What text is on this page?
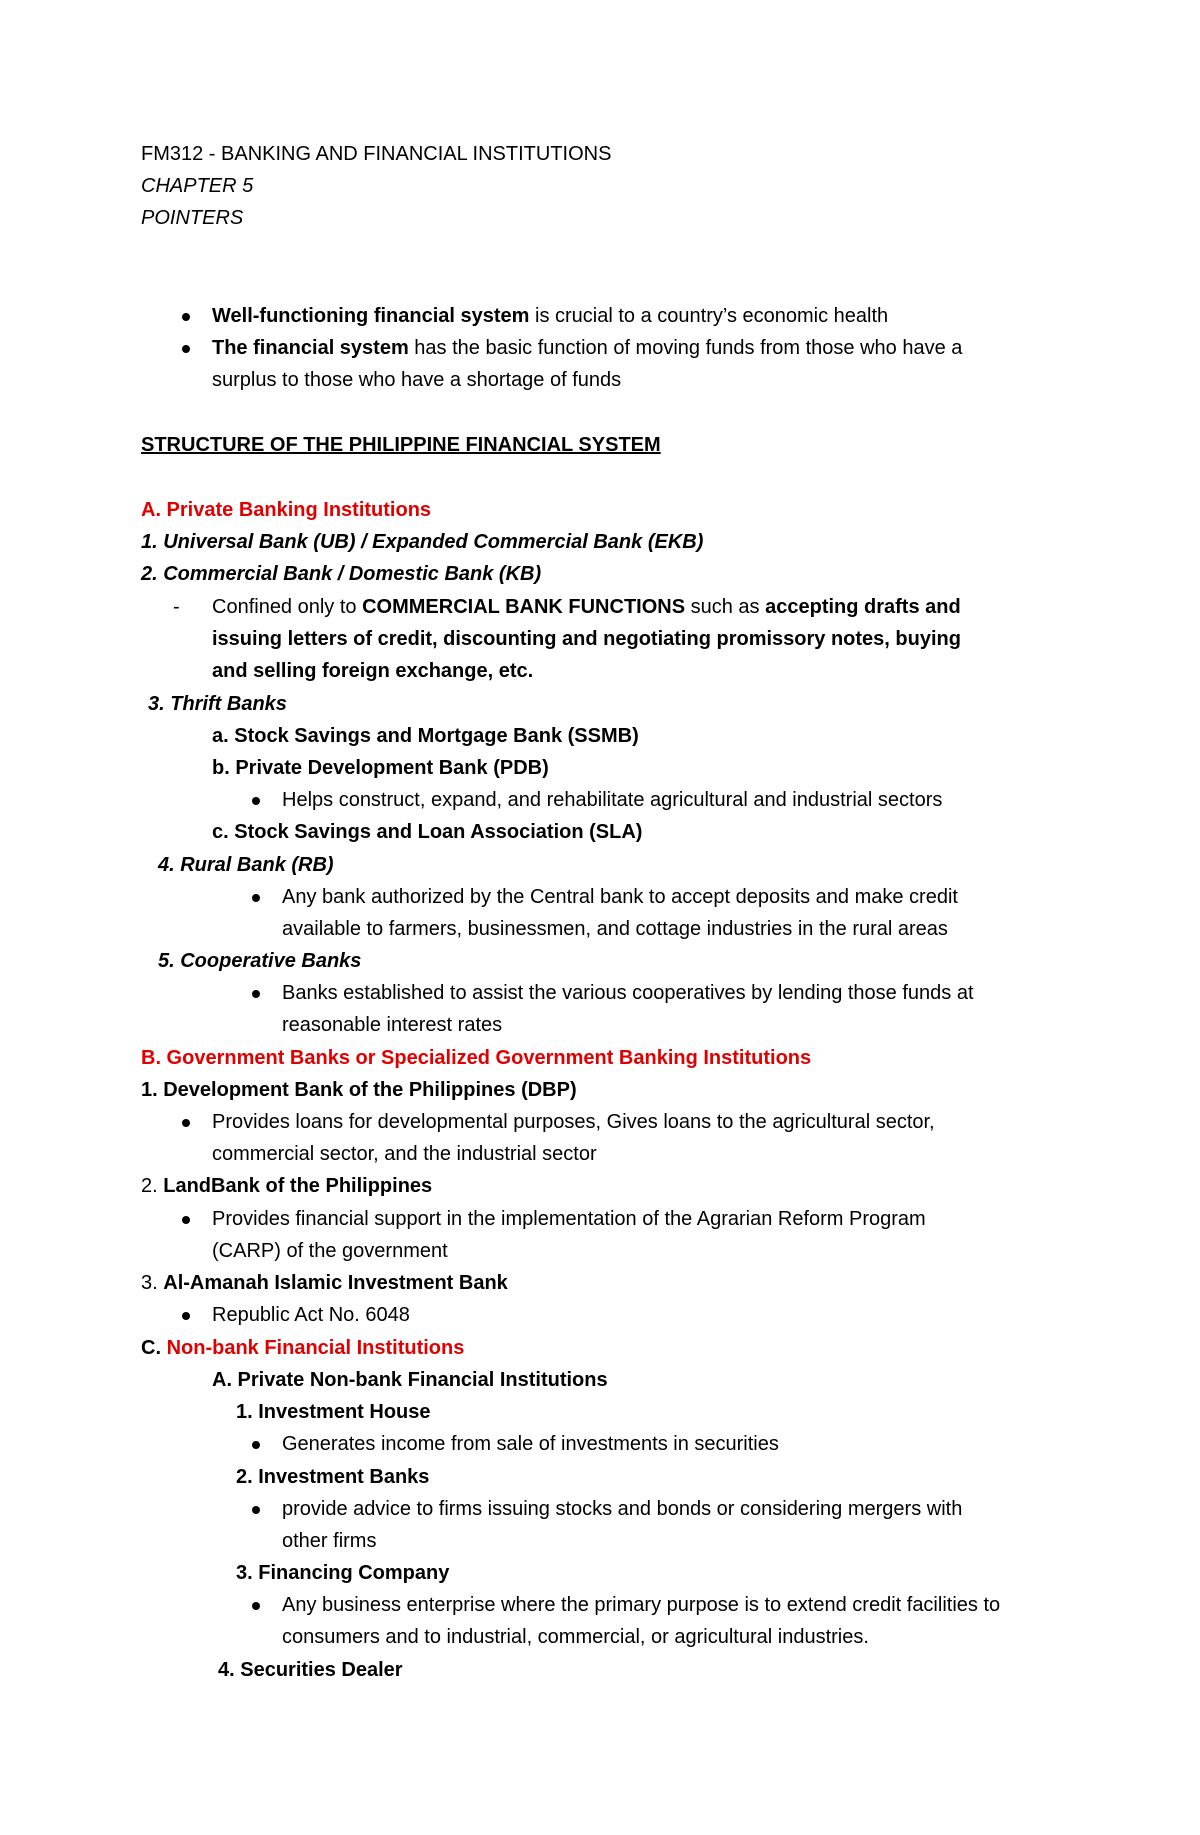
FM312 - BANKING AND FINANCIAL INSTITUTIONS
CHAPTER 5
POINTERS
Well-functioning financial system is crucial to a country’s economic health
The financial system has the basic function of moving funds from those who have a
surplus to those who have a shortage of funds
STRUCTURE OF THE PHILIPPINE FINANCIAL SYSTEM
A. Private Banking Institutions
1. Universal Bank (UB) / Expanded Commercial Bank (EKB)
2. Commercial Bank / Domestic Bank (KB)
- Confined only to COMMERCIAL BANK FUNCTIONS such as accepting drafts and
issuing letters of credit, discounting and negotiating promissory notes, buying
and selling foreign exchange, etc.
3. Thrift Banks
a. Stock Savings and Mortgage Bank (SSMB)
b. Private Development Bank (PDB)
Helps construct, expand, and rehabilitate agricultural and industrial sectors
c. Stock Savings and Loan Association (SLA)
4. Rural Bank (RB)
Any bank authorized by the Central bank to accept deposits and make credit
available to farmers, businessmen, and cottage industries in the rural areas
5. Cooperative Banks
Banks established to assist the various cooperatives by lending those funds at
reasonable interest rates
B. Government Banks or Specialized Government Banking Institutions
1. Development Bank of the Philippines (DBP)
Provides loans for developmental purposes, Gives loans to the agricultural sector,
commercial sector, and the industrial sector
2. LandBank of the Philippines
Provides financial support in the implementation of the Agrarian Reform Program
(CARP) of the government
3. Al-Amanah Islamic Investment Bank
Republic Act No. 6048
C. Non-bank Financial Institutions
A. Private Non-bank Financial Institutions
1. Investment House
Generates income from sale of investments in securities
2. Investment Banks
provide advice to firms issuing stocks and bonds or considering mergers with
other firms
3. Financing Company
Any business enterprise where the primary purpose is to extend credit facilities to
consumers and to industrial, commercial, or agricultural industries.
4. Securities Dealer
